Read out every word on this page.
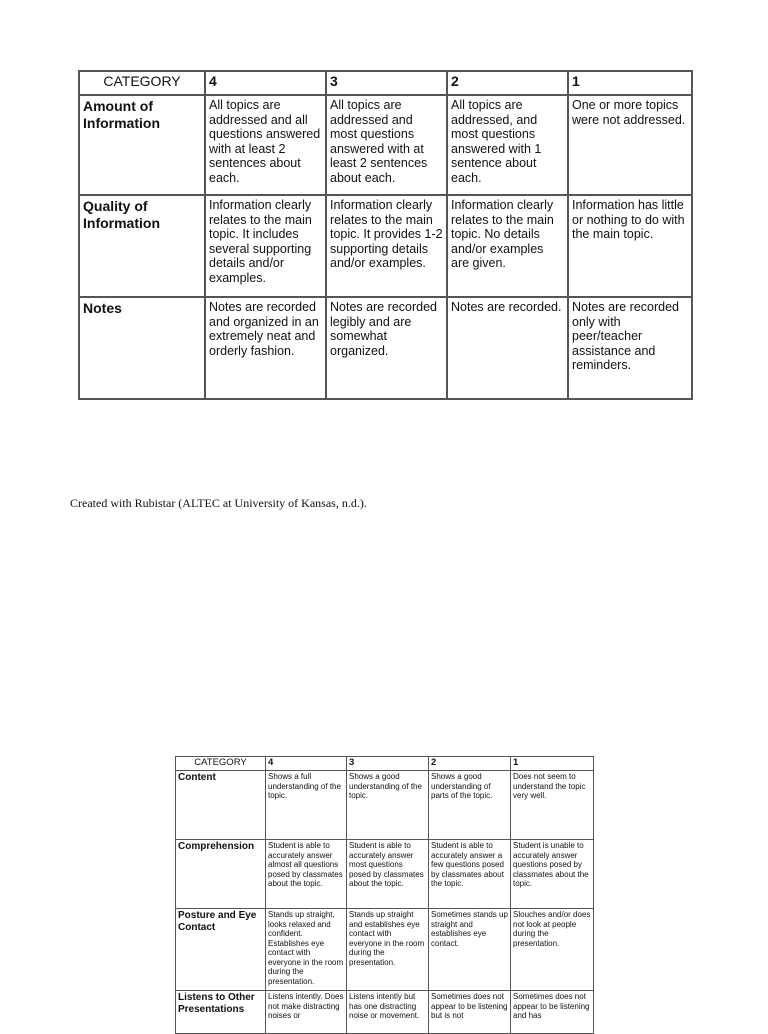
CATEGORY	4	3	2	1
Amount of Information	All topics are addressed and all questions answered with at least 2 sentences about each.	All topics are addressed and most questions answered with at least 2 sentences about each.	All topics are addressed, and most questions answered with 1 sentence about each.	One or more topics were not addressed.
Quality of Information	Information clearly relates to the main topic. It includes several supporting details and/or examples.	Information clearly relates to the main topic. It provides 1-2 supporting details and/or examples.	Information clearly relates to the main topic. No details and/or examples are given.	Information has little or nothing to do with the main topic.
Notes	Notes are recorded and organized in an extremely neat and orderly fashion.	Notes are recorded legibly and are somewhat organized.	Notes are recorded.	Notes are recorded only with peer/teacher assistance and reminders.
Created with Rubistar (ALTEC at University of Kansas, n.d.).
CATEGORY	4	3	2	1
Content	Shows a full understanding of the topic.	Shows a good understanding of the topic.	Shows a good understanding of parts of the topic.	Does not seem to understand the topic very well.
Comprehension	Student is able to accurately answer almost all questions posed by classmates about the topic.	Student is able to accurately answer most questions posed by classmates about the topic.	Student is able to accurately answer a few questions posed by classmates about the topic.	Student is unable to accurately answer questions posed by classmates about the topic.
Posture and Eye Contact	Stands up straight, looks relaxed and confident. Establishes eye contact with everyone in the room during the presentation.	Stands up straight and establishes eye contact with everyone in the room during the presentation.	Sometimes stands up straight and establishes eye contact.	Slouches and/or does not look at people during the presentation.
Listens to Other Presentations	Listens intently. Does not make distracting noises or	Listens intently but has one distracting noise or movement.	Sometimes does not appear to be listening but is not	Sometimes does not appear to be listening and has
